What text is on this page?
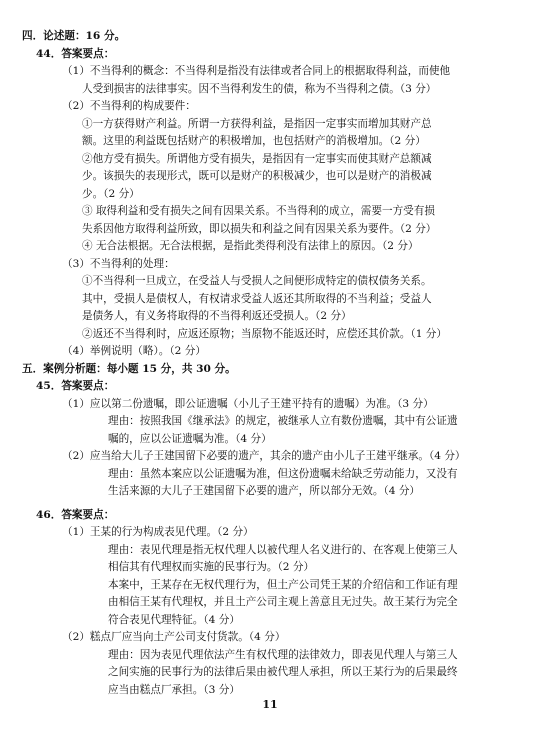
四．论述题：16 分。
44．答案要点：
（1）不当得利的概念：不当得利是指没有法律或者合同上的根据取得利益，而使他
人受到损害的法律事实。因不当得利发生的债，称为不当得利之债。（3 分）
（2）不当得利的构成要件：
①一方获得财产利益。所谓一方获得利益，是指因一定事实而增加其财产总
额。这里的利益既包括财产的积极增加，也包括财产的消极增加。（2 分）
②他方受有损失。所谓他方受有损失，是指因有一定事实而使其财产总额减
少。该损失的表现形式，既可以是财产的积极减少，也可以是财产的消极减
少。（2 分）
③ 取得利益和受有损失之间有因果关系。不当得利的成立，需要一方受有损
失系因他方取得利益所致，即以损失和利益之间有因果关系为要件。（2 分）
④ 无合法根据。无合法根据，是指此类得利没有法律上的原因。（2 分）
（3）不当得利的处理：
①不当得利一旦成立，在受益人与受损人之间便形成特定的债权债务关系。
其中，受损人是债权人，有权请求受益人返还其所取得的不当利益；受益人
是债务人，有义务将取得的不当得利返还受损人。（2 分）
②返还不当得利时，应返还原物；当原物不能返还时，应偿还其价款。（1 分）
（4）举例说明（略）。（2 分）
五．案例分析题：每小题 15 分，共 30 分。
45．答案要点：
（1）应以第二份遗嘱，即公证遗嘱（小儿子王建平持有的遗嘱）为准。（3 分）
理由：按照我国《继承法》的规定，被继承人立有数份遗嘱，其中有公证遗
嘱的，应以公证遗嘱为准。（4 分）
（2）应当给大儿子王建国留下必要的遗产，其余的遗产由小儿子王建平继承。（4 分）
理由：虽然本案应以公证遗嘱为准，但这份遗嘱未给缺乏劳动能力，又没有
生活来源的大儿子王建国留下必要的遗产，所以部分无效。（4 分）
46．答案要点：
（1）王某的行为构成表见代理。（2 分）
理由：表见代理是指无权代理人以被代理人名义进行的、在客观上使第三人
相信其有代理权而实施的民事行为。（2 分）
本案中，王某存在无权代理行为，但土产公司凭王某的介绍信和工作证有理
由相信王某有代理权，并且土产公司主观上善意且无过失。故王某行为完全
符合表见代理特征。（4 分）
（2）糕点厂应当向土产公司支付货款。（4 分）
理由：因为表见代理依法产生有权代理的法律效力，即表见代理人与第三人
之间实施的民事行为的法律后果由被代理人承担，所以王某行为的后果最终
应当由糕点厂承担。（3 分）
11
